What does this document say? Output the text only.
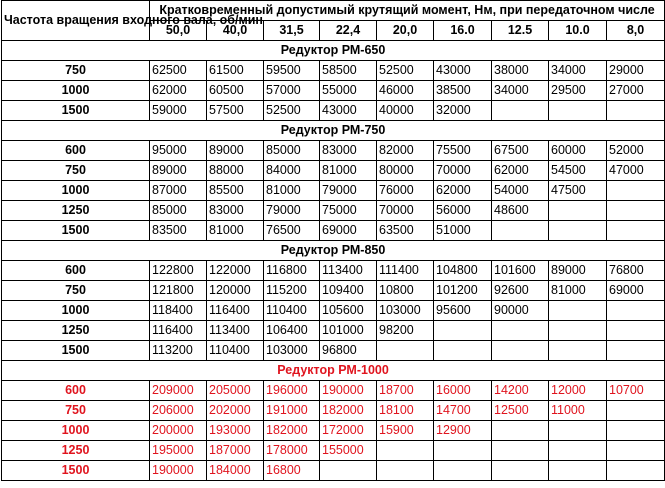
Частота вращения входного вала, об/мин	Кратковременный допустимый крутящий момент, Нм, при передаточном числе								
	50,0	40,0	31,5	22,4	20,0	16.0	12.5	10.0	8,0
Редуктор РМ-650									
750	62500	61500	59500	58500	52500	43000	38000	34000	29000
1000	62000	60500	57000	55000	46000	38500	34000	29500	27000
1500	59000	57500	52500	43000	40000	32000			
Редуктор РМ-750									
600	95000	89000	85000	83000	82000	75500	67500	60000	52000
750	89000	88000	84000	81000	80000	70000	62000	54500	47000
1000	87000	85500	81000	79000	76000	62000	54000	47500	
1250	85000	83000	79000	75000	70000	56000	48600		
1500	83500	81000	76500	69000	63500	51000			
Редуктор РМ-850									
600	122800	122000	116800	113400	111400	104800	101600	89000	76800
750	121800	120000	115200	109400	10800	101200	92600	81000	69000
1000	118400	116400	110400	105600	103000	95600	90000		
1250	116400	113400	106400	101000	98200				
1500	113200	110400	103000	96800					
Редуктор РМ-1000									
600	209000	205000	196000	190000	18700	16000	14200	12000	10700
750	206000	202000	191000	182000	18100	14700	12500	11000	
1000	200000	193000	182000	172000	15900	12900			
1250	195000	187000	178000	155000					
1500	190000	184000	16800						
